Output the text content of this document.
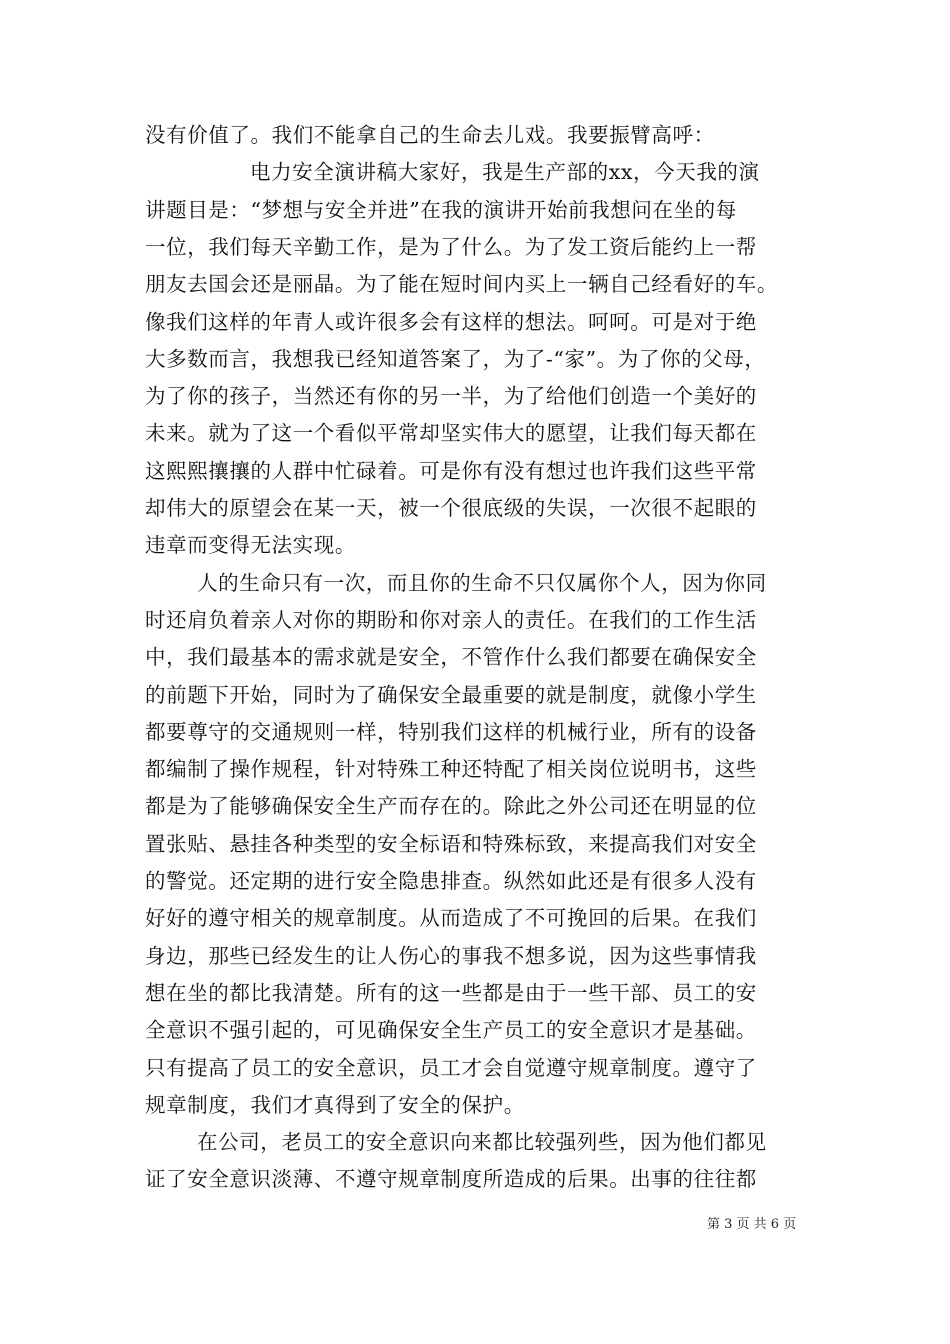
没有价值了。我们不能拿自己的生命去儿戏。我要振臂高呼：
电力安全演讲稿大家好，我是生产部的xx，今天我的演
讲题目是：“梦想与安全并进”在我的演讲开始前我想问在坐的每
一位，我们每天辛勤工作，是为了什么。为了发工资后能约上一帮
朋友去国会还是丽晶。为了能在短时间内买上一辆自己经看好的车。
像我们这样的年青人或许很多会有这样的想法。呵呵。可是对于绝
大多数而言，我想我已经知道答案了，为了-“家”。为了你的父母，
为了你的孩子，当然还有你的另一半，为了给他们创造一个美好的
未来。就为了这一个看似平常却坚实伟大的愿望，让我们每天都在
这熙熙攘攘的人群中忙碌着。可是你有没有想过也许我们这些平常
却伟大的原望会在某一天，被一个很底级的失误，一次很不起眼的
违章而变得无法实现。
人的生命只有一次，而且你的生命不只仅属你个人，因为你同
时还肩负着亲人对你的期盼和你对亲人的责任。在我们的工作生活
中，我们最基本的需求就是安全，不管作什么我们都要在确保安全
的前题下开始，同时为了确保安全最重要的就是制度，就像小学生
都要尊守的交通规则一样，特别我们这样的机械行业，所有的设备
都编制了操作规程，针对特殊工种还特配了相关岗位说明书，这些
都是为了能够确保安全生产而存在的。除此之外公司还在明显的位
置张贴、悬挂各种类型的安全标语和特殊标致，来提高我们对安全
的警觉。还定期的进行安全隐患排查。纵然如此还是有很多人没有
好好的遵守相关的规章制度。从而造成了不可挽回的后果。在我们
身边，那些已经发生的让人伤心的事我不想多说，因为这些事情我
想在坐的都比我清楚。所有的这一些都是由于一些干部、员工的安
全意识不强引起的，可见确保安全生产员工的安全意识才是基础。
只有提高了员工的安全意识，员工才会自觉遵守规章制度。遵守了
规章制度，我们才真得到了安全的保护。
在公司，老员工的安全意识向来都比较强列些，因为他们都见
证了安全意识淡薄、不遵守规章制度所造成的后果。出事的往往都
第 3 页 共 6 页
